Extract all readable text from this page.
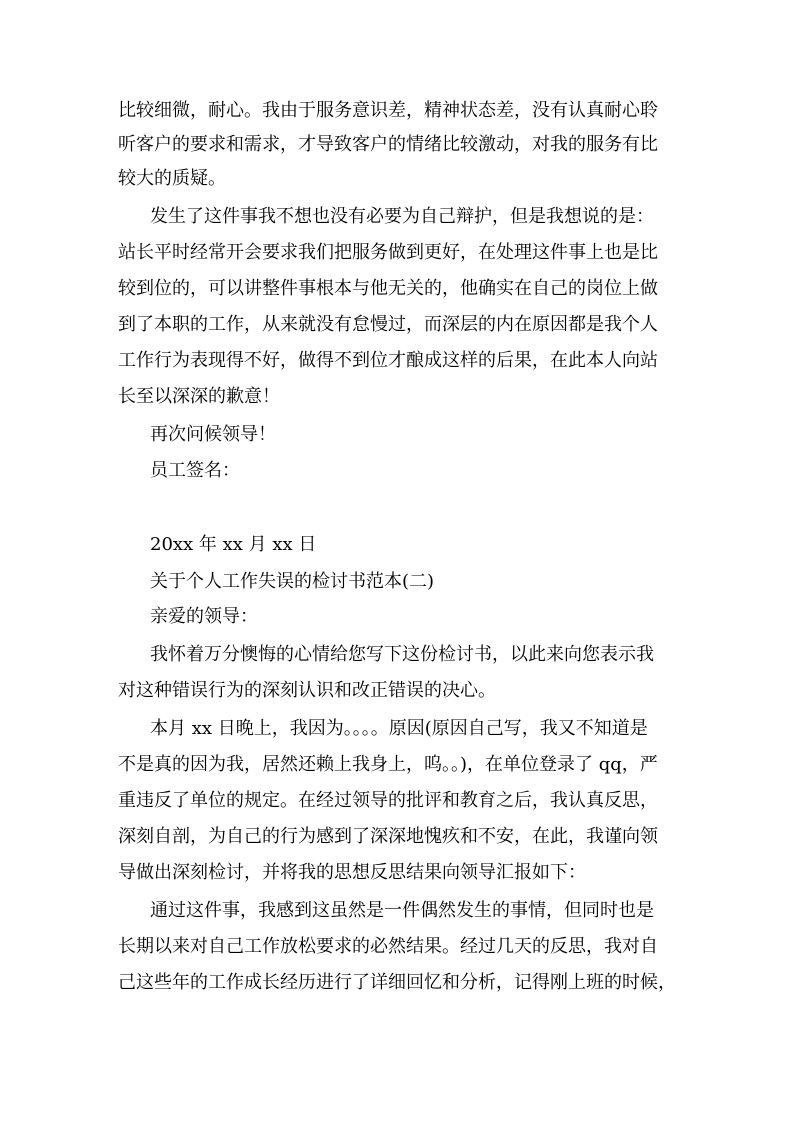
比较细微，耐心。我由于服务意识差，精神状态差，没有认真耐心聆
听客户的要求和需求，才导致客户的情绪比较激动，对我的服务有比
较大的质疑。
发生了这件事我不想也没有必要为自己辩护，但是我想说的是：
站长平时经常开会要求我们把服务做到更好，在处理这件事上也是比
较到位的，可以讲整件事根本与他无关的，他确实在自己的岗位上做
到了本职的工作，从来就没有怠慢过，而深层的内在原因都是我个人
工作行为表现得不好，做得不到位才酿成这样的后果，在此本人向站
长至以深深的歉意！
再次问候领导！
员工签名：
20xx 年 xx 月 xx 日
关于个人工作失误的检讨书范本(二)
亲爱的领导：
我怀着万分懊悔的心情给您写下这份检讨书，以此来向您表示我
对这种错误行为的深刻认识和改正错误的决心。
本月 xx 日晚上，我因为。。。。原因(原因自己写，我又不知道是
不是真的因为我，居然还赖上我身上，呜。。)，在单位登录了 qq，严
重违反了单位的规定。在经过领导的批评和教育之后，我认真反思，
深刻自剖，为自己的行为感到了深深地愧疚和不安，在此，我谨向领
导做出深刻检讨，并将我的思想反思结果向领导汇报如下：
通过这件事，我感到这虽然是一件偶然发生的事情，但同时也是
长期以来对自己工作放松要求的必然结果。经过几天的反思，我对自
己这些年的工作成长经历进行了详细回忆和分析，记得刚上班的时候，
